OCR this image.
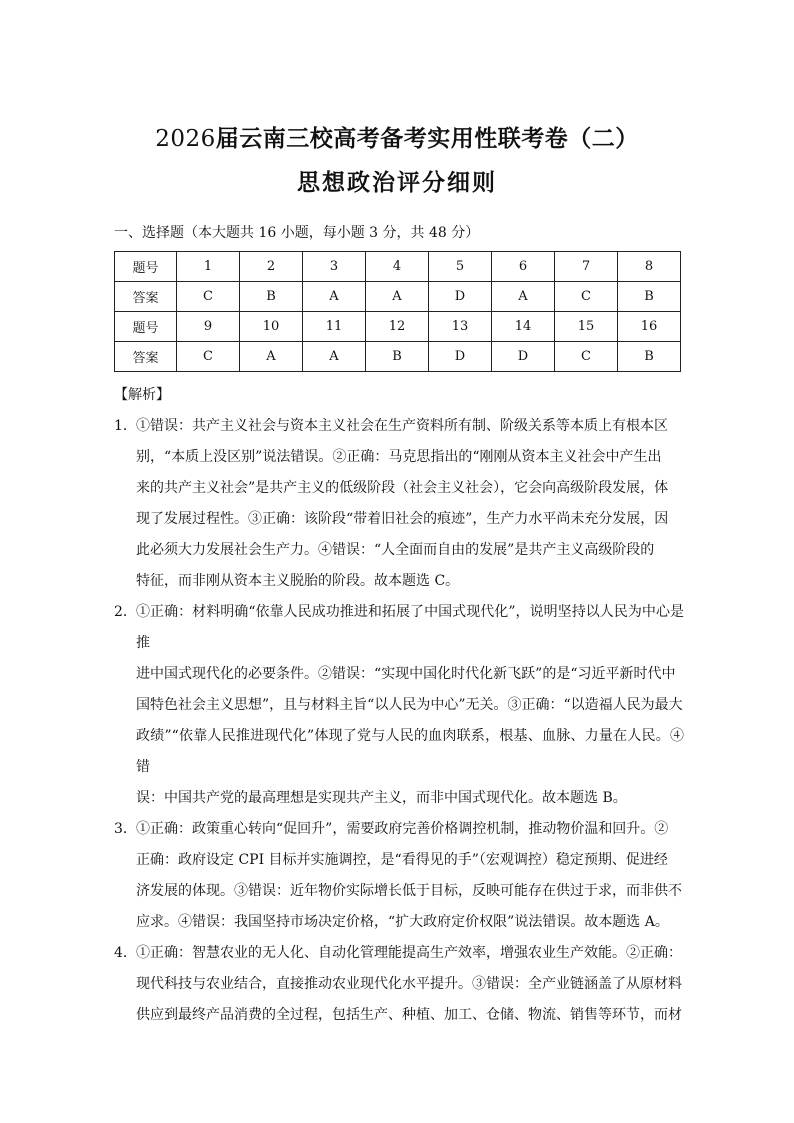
2026届云南三校高考备考实用性联考卷（二）
思想政治评分细则
一、选择题（本大题共 16 小题，每小题 3 分，共 48 分）
题号	1	2	3	4	5	6	7	8
答案	C	B	A	A	D	A	C	B
题号	9	10	11	12	13	14	15	16
答案	C	A	A	B	D	D	C	B
【解析】
1． ①错误：共产主义社会与资本主义社会在生产资料所有制、阶级关系等本质上有根本区

别，“本质上没区别”说法错误。②正确：马克思指出的“刚刚从资本主义社会中产生出

来的共产主义社会”是共产主义的低级阶段（社会主义社会），它会向高级阶段发展，体

现了发展过程性。③正确：该阶段“带着旧社会的痕迹”，生产力水平尚未充分发展，因

此必须大力发展社会生产力。④错误：“人全面而自由的发展”是共产主义高级阶段的

特征，而非刚从资本主义脱胎的阶段。故本题选 C。

2． ①正确：材料明确“依靠人民成功推进和拓展了中国式现代化”，说明坚持以人民为中心是推

进中国式现代化的必要条件。②错误：“实现中国化时代化新飞跃”的是“习近平新时代中

国特色社会主义思想”，且与材料主旨“以人民为中心”无关。③正确：“以造福人民为最大

政绩”“依靠人民推进现代化”体现了党与人民的血肉联系，根基、血脉、力量在人民。④错

误：中国共产党的最高理想是实现共产主义，而非中国式现代化。故本题选 B。

3． ①正确：政策重心转向“促回升”，需要政府完善价格调控机制，推动物价温和回升。②

正确：政府设定 CPI 目标并实施调控，是“看得见的手”（宏观调控）稳定预期、促进经

济发展的体现。③错误：近年物价实际增长低于目标，反映可能存在供过于求，而非供不

应求。④错误：我国坚持市场决定价格，“扩大政府定价权限”说法错误。故本题选 A。

4． ①正确：智慧农业的无人化、自动化管理能提高生产效率，增强农业生产效能。②正确：

现代科技与农业结合，直接推动农业现代化水平提升。③错误：全产业链涵盖了从原材料

供应到最终产品消费的全过程，包括生产、种植、加工、仓储、物流、销售等环节，而材
